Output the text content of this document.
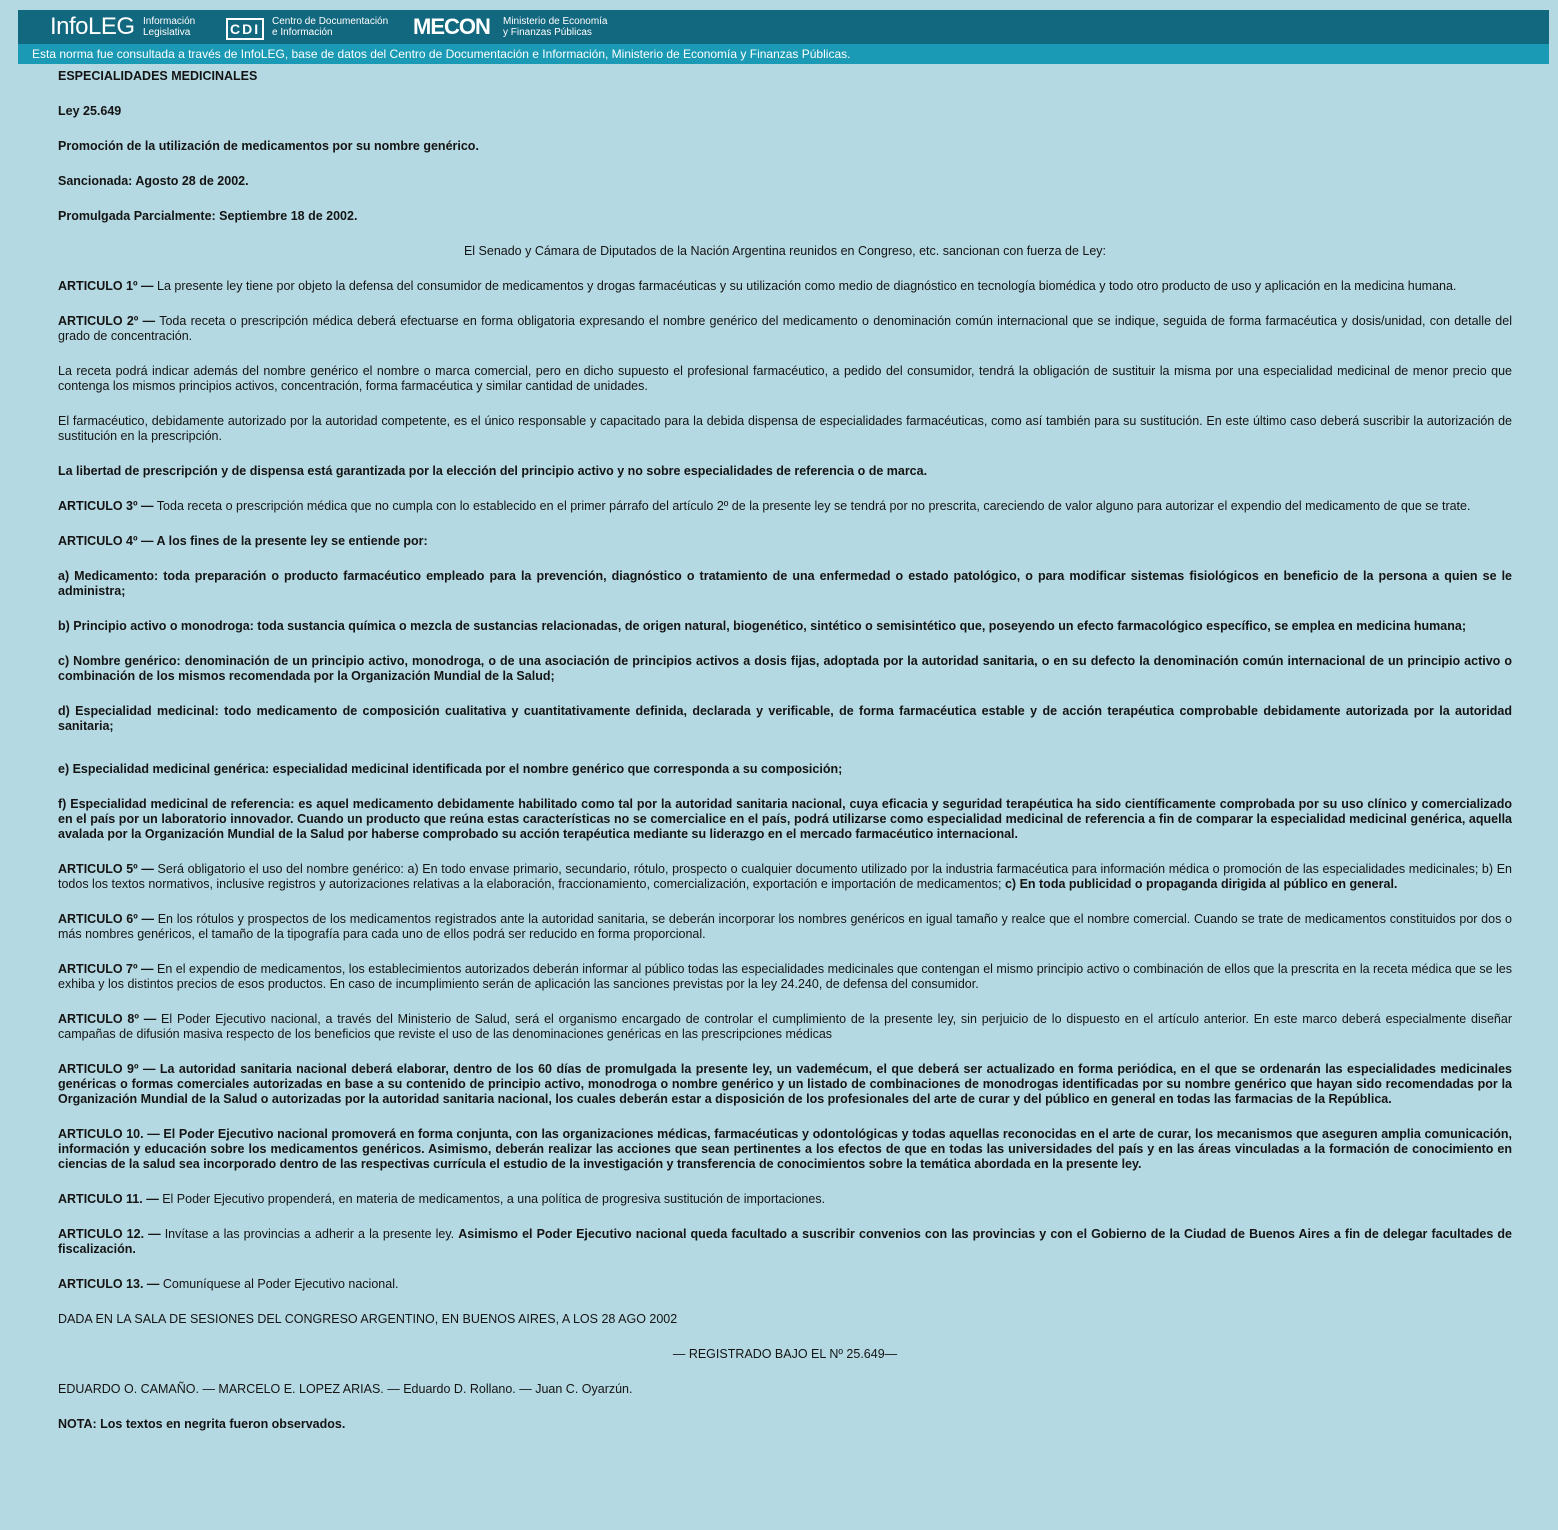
InfoLEG Información
Legislativa	CDI	Centro de Documentación
e Información	MECON Ministerio de Economía
y Finanzas Públicas
Esta norma fue consultada a través de InfoLEG, base de datos del Centro de Documentación e Información, Ministerio de Economía y Finanzas Públicas.

ESPECIALIDADES MEDICINALES

Ley 25.649

Promoción de la utilización de medicamentos por su nombre genérico.

Sancionada: Agosto 28 de 2002.

Promulgada Parcialmente: Septiembre 18 de 2002.

El Senado y Cámara de Diputados de la Nación Argentina reunidos en Congreso, etc. sancionan con fuerza de Ley:

ARTICULO 1º — La presente ley tiene por objeto la defensa del consumidor de medicamentos y drogas farmacéuticas y su utilización como medio de diagnóstico en tecnología biomédica y todo otro producto de uso y aplicación en la medicina humana.

ARTICULO 2º — Toda receta o prescripción médica deberá efectuarse en forma obligatoria expresando el nombre genérico del medicamento o denominación común internacional que se indique, seguida de forma farmacéutica y dosis/unidad, con detalle del grado de concentración.

La receta podrá indicar además del nombre genérico el nombre o marca comercial, pero en dicho supuesto el profesional farmacéutico, a pedido del consumidor, tendrá la obligación de sustituir la misma por una especialidad medicinal de menor precio que contenga los mismos principios activos, concentración, forma farmacéutica y similar cantidad de unidades.

El farmacéutico, debidamente autorizado por la autoridad competente, es el único responsable y capacitado para la debida dispensa de especialidades farmacéuticas, como así también para su sustitución. En este último caso deberá suscribir la autorización de sustitución en la prescripción.

La libertad de prescripción y de dispensa está garantizada por la elección del principio activo y no sobre especialidades de referencia o de marca.

ARTICULO 3º — Toda receta o prescripción médica que no cumpla con lo establecido en el primer párrafo del artículo 2º de la presente ley se tendrá por no prescrita, careciendo de valor alguno para autorizar el expendio del medicamento de que se trate.

ARTICULO 4º — A los fines de la presente ley se entiende por:

a) Medicamento: toda preparación o producto farmacéutico empleado para la prevención, diagnóstico o tratamiento de una enfermedad o estado patológico, o para modificar sistemas fisiológicos en beneficio de la persona a quien se le administra;

b) Principio activo o monodroga: toda sustancia química o mezcla de sustancias relacionadas, de origen natural, biogenético, sintético o semisintético que, poseyendo un efecto farmacológico específico, se emplea en medicina humana;

c) Nombre genérico: denominación de un principio activo, monodroga, o de una asociación de principios activos a dosis fijas, adoptada por la autoridad sanitaria, o en su defecto la denominación común internacional de un principio activo o combinación de los mismos recomendada por la Organización Mundial de la Salud;

d) Especialidad medicinal: todo medicamento de composición cualitativa y cuantitativamente definida, declarada y verificable, de forma farmacéutica estable y de acción terapéutica comprobable debidamente autorizada por la autoridad sanitaria;

e) Especialidad medicinal genérica: especialidad medicinal identificada por el nombre genérico que corresponda a su composición;

f) Especialidad medicinal de referencia: es aquel medicamento debidamente habilitado como tal por la autoridad sanitaria nacional, cuya eficacia y seguridad terapéutica ha sido científicamente comprobada por su uso clínico y comercializado en el país por un laboratorio innovador. Cuando un producto que reúna estas características no se comercialice en el país, podrá utilizarse como especialidad medicinal de referencia a fin de comparar la especialidad medicinal genérica, aquella avalada por la Organización Mundial de la Salud por haberse comprobado su acción terapéutica mediante su liderazgo en el mercado farmacéutico internacional.

ARTICULO 5º — Será obligatorio el uso del nombre genérico: a) En todo envase primario, secundario, rótulo, prospecto o cualquier documento utilizado por la industria farmacéutica para información médica o promoción de las especialidades medicinales; b) En todos los textos normativos, inclusive registros y autorizaciones relativas a la elaboración, fraccionamiento, comercialización, exportación e importación de medicamentos; c) En toda publicidad o propaganda dirigida al público en general.

ARTICULO 6º — En los rótulos y prospectos de los medicamentos registrados ante la autoridad sanitaria, se deberán incorporar los nombres genéricos en igual tamaño y realce que el nombre comercial. Cuando se trate de medicamentos constituidos por dos o más nombres genéricos, el tamaño de la tipografía para cada uno de ellos podrá ser reducido en forma proporcional.

ARTICULO 7º — En el expendio de medicamentos, los establecimientos autorizados deberán informar al público todas las especialidades medicinales que contengan el mismo principio activo o combinación de ellos que la prescrita en la receta médica que se les exhiba y los distintos precios de esos productos. En caso de incumplimiento serán de aplicación las sanciones previstas por la ley 24.240, de defensa del consumidor.

ARTICULO 8º — El Poder Ejecutivo nacional, a través del Ministerio de Salud, será el organismo encargado de controlar el cumplimiento de la presente ley, sin perjuicio de lo dispuesto en el artículo anterior. En este marco deberá especialmente diseñar campañas de difusión masiva respecto de los beneficios que reviste el uso de las denominaciones genéricas en las prescripciones médicas

ARTICULO 9º — La autoridad sanitaria nacional deberá elaborar, dentro de los 60 días de promulgada la presente ley, un vademécum, el que deberá ser actualizado en forma periódica, en el que se ordenarán las especialidades medicinales genéricas o formas comerciales autorizadas en base a su contenido de principio activo, monodroga o nombre genérico y un listado de combinaciones de monodrogas identificadas por su nombre genérico que hayan sido recomendadas por la Organización Mundial de la Salud o autorizadas por la autoridad sanitaria nacional, los cuales deberán estar a disposición de los profesionales del arte de curar y del público en general en todas las farmacias de la República.

ARTICULO 10. — El Poder Ejecutivo nacional promoverá en forma conjunta, con las organizaciones médicas, farmacéuticas y odontológicas y todas aquellas reconocidas en el arte de curar, los mecanismos que aseguren amplia comunicación, información y educación sobre los medicamentos genéricos. Asimismo, deberán realizar las acciones que sean pertinentes a los efectos de que en todas las universidades del país y en las áreas vinculadas a la formación de conocimiento en ciencias de la salud sea incorporado dentro de las respectivas currícula el estudio de la investigación y transferencia de conocimientos sobre la temática abordada en la presente ley.

ARTICULO 11. — El Poder Ejecutivo propenderá, en materia de medicamentos, a una política de progresiva sustitución de importaciones.

ARTICULO 12. — Invítase a las provincias a adherir a la presente ley. Asimismo el Poder Ejecutivo nacional queda facultado a suscribir convenios con las provincias y con el Gobierno de la Ciudad de Buenos Aires a fin de delegar facultades de fiscalización.

ARTICULO 13. — Comuníquese al Poder Ejecutivo nacional.

DADA EN LA SALA DE SESIONES DEL CONGRESO ARGENTINO, EN BUENOS AIRES, A LOS 28 AGO 2002

— REGISTRADO BAJO EL Nº 25.649—

EDUARDO O. CAMAÑO. — MARCELO E. LOPEZ ARIAS. — Eduardo D. Rollano. — Juan C. Oyarzún.

NOTA: Los textos en negrita fueron observados.
